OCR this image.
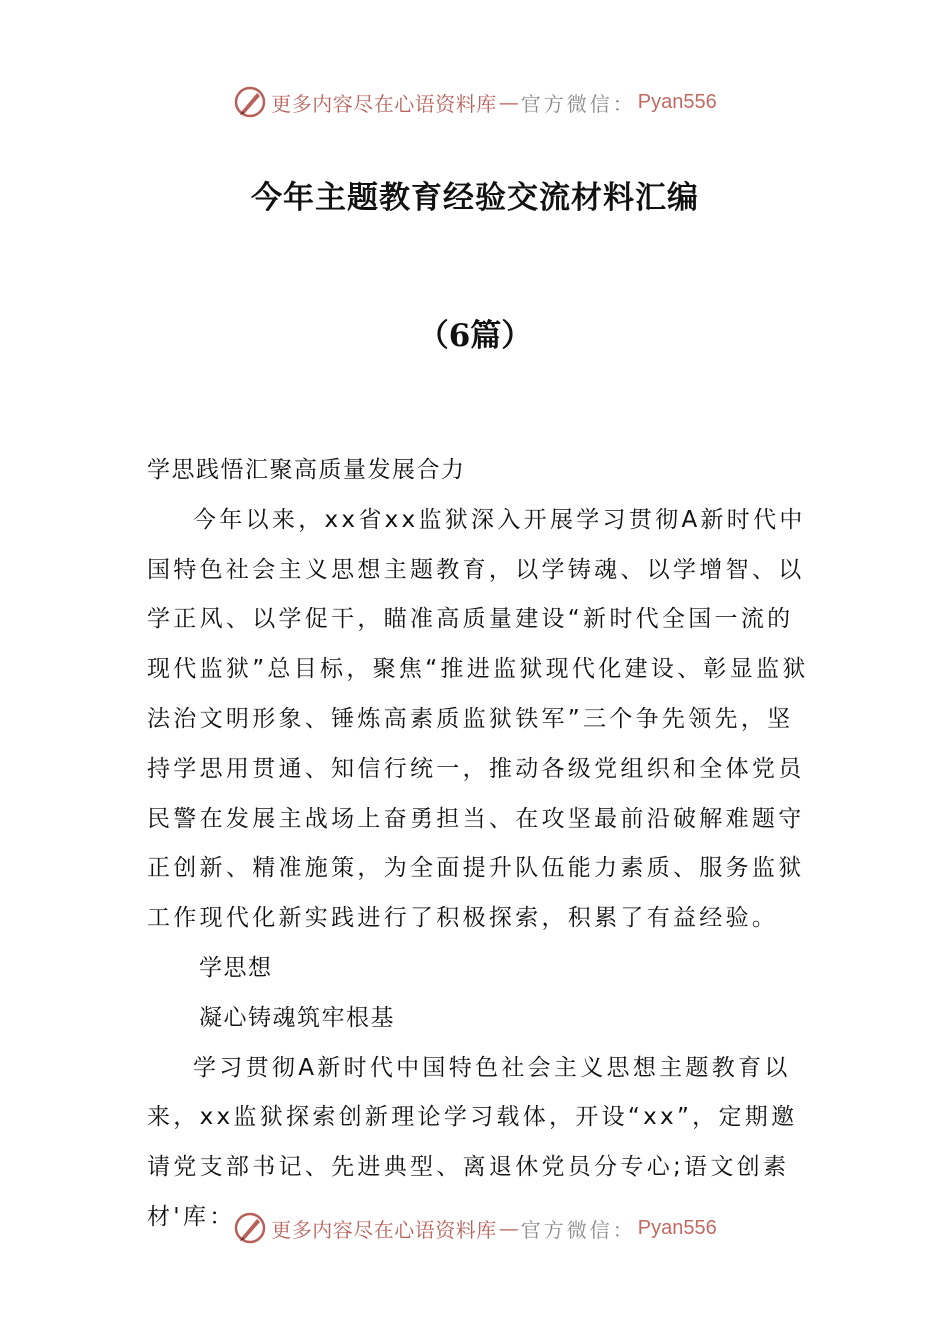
更多内容尽在心语资料库 — 官方微信： Pyan556
今年主题教育经验交流材料汇编
（6篇）

学思践悟汇聚高质量发展合力

今年以来，xx省xx监狱深入开展学习贯彻A新时代中国特色社会主义思想主题教育，以学铸魂、以学增智、以学正风、以学促干，瞄准高质量建设“新时代全国一流的现代监狱”总目标，聚焦“推进监狱现代化建设、彰显监狱法治文明形象、锤炼高素质监狱铁军”三个争先领先，坚持学思用贯通、知信行统一，推动各级党组织和全体党员民警在发展主战场上奋勇担当、在攻坚最前沿破解难题守正创新、精准施策，为全面提升队伍能力素质、服务监狱工作现代化新实践进行了积极探索，积累了有益经验。

学思想

凝心铸魂筑牢根基

学习贯彻A新时代中国特色社会主义思想主题教育以来，xx监狱探索创新理论学习载体，开设“xx”，定期邀请党支部书记、先进典型、离退休党员分专心;语文创素材'库：	更多内容尽在心语资料库 — 官方微信： Pyan556
